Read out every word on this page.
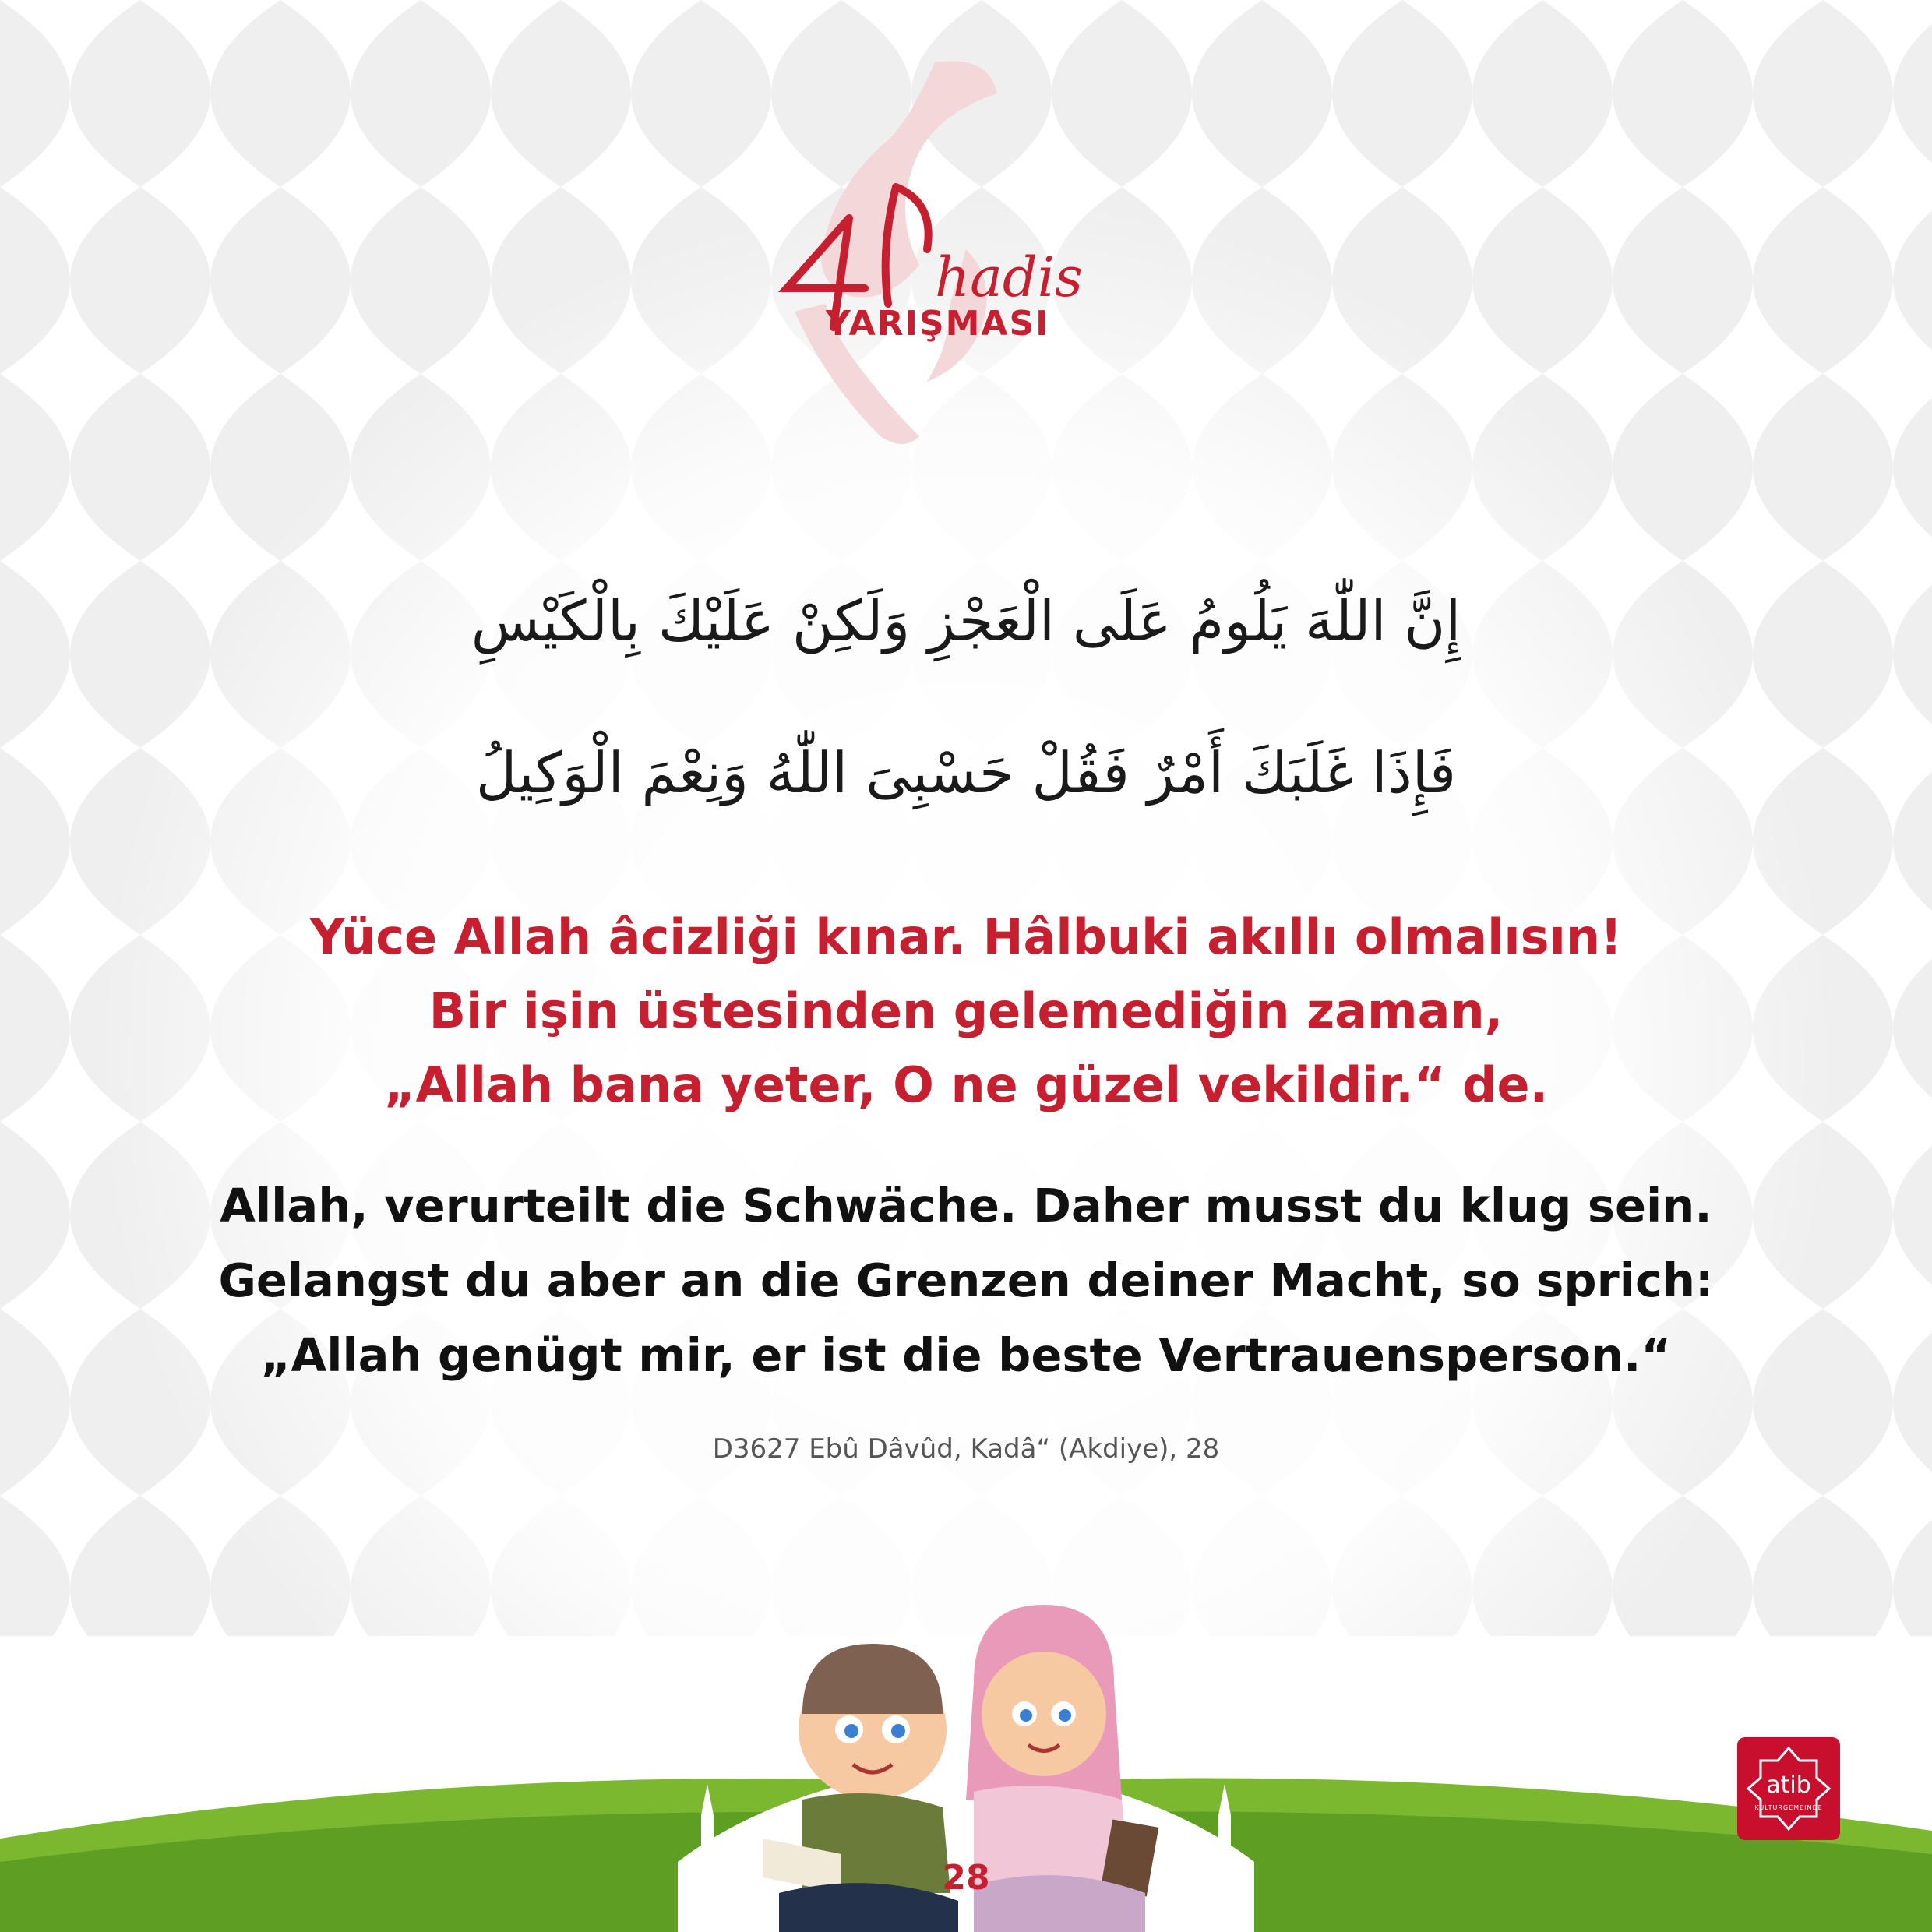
hadis
YARIŞMASI
إِنَّ اللّٰهَ يَلُومُ عَلَى الْعَجْزِ وَلَكِنْ عَلَيْكَ بِالْكَيْسِ
فَإِذَا غَلَبَكَ أَمْرٌ فَقُلْ حَسْبِىَ اللّٰهُ وَنِعْمَ الْوَكِيلُ
Yüce Allah âcizliği kınar. Hâlbuki akıllı olmalısın!
Bir işin üstesinden gelemediğin zaman,
„Allah bana yeter, O ne güzel vekildir.“ de.
Allah, verurteilt die Schwäche. Daher musst du klug sein.
Gelangst du aber an die Grenzen deiner Macht, so sprich:
„Allah genügt mir, er ist die beste Vertrauensperson.“
D3627 Ebû Dâvûd, Kadâ“ (Akdiye), 28
28
atib
KULTURGEMEINDE
